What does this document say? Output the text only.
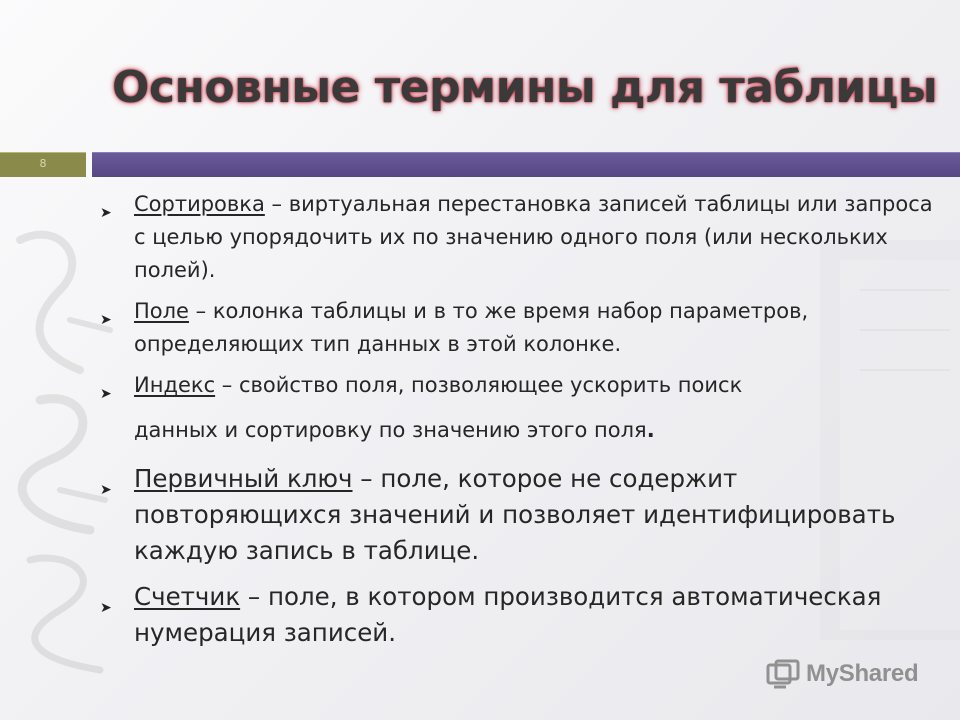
Основные термины для таблицы
8
➤ Сортировка – виртуальная перестановка записей таблицы или запроса с целью упорядочить их по значению одного поля (или нескольких полей).
➤ Поле – колонка таблицы и в то же время набор параметров, определяющих тип данных в этой колонке.
➤ Индекс – свойство поля, позволяющее ускорить поиск
данных и сортировку по значению этого поля.
➤ Первичный ключ – поле, которое не содержит повторяющихся значений и позволяет идентифицировать каждую запись в таблице.
➤ Счетчик – поле, в котором производится автоматическая нумерация записей.
MyShared
